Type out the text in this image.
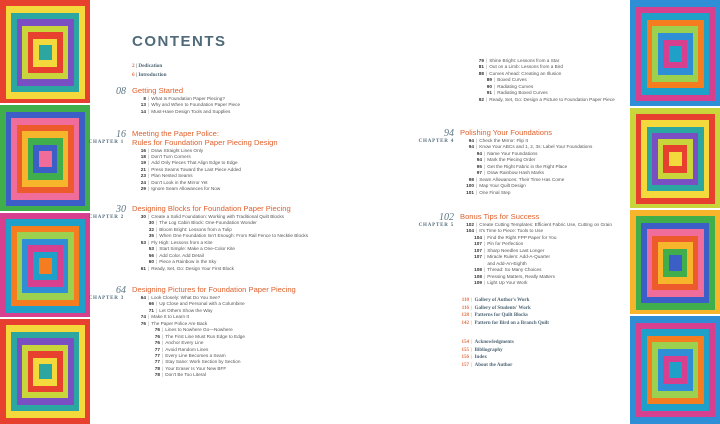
CONTENTS
2 | Dedication
6 | Introduction
08 Getting Started
8 | What Is Foundation Paper Piecing?
13 | Why and When to Foundation Paper Piece
14 | Must-Have Design Tools and Supplies
16
CHAPTER 1
Meeting the Paper Police:
Rules for Foundation Paper Piecing Design
16 | Draw Straight Lines Only
18 | Don't Turn Corners
19 | Add Only Pieces That Align Edge to Edge
21 | Press Seams Toward the Last Piece Added
23 | Plan Nested Seams
24 | Don't Look in the Mirror Yet
29 | Ignore Seam Allowances for Now
30
CHAPTER 2
Designing Blocks for Foundation Paper Piecing
30 | Create a Solid Foundation: Working with Traditional Quilt Blocks
30 | The Log Cabin Block: One-Foundation Wonder
32 | Bloom Bright: Lessons from a Tulip
35 | When One Foundation Isn't Enough: From Rail Fence to Necktie Blocks
53 | Fly High: Lessons from a Kite
53 | Start Simple: Make a One-Color Kite
56 | Add Color. Add Detail
60 | Piece a Rainbow in the Sky
61 | Ready, Set, Go: Design Your First Block
64
CHAPTER 3
Designing Pictures for Foundation Paper Piecing
64 | Look Closely: What Do You See?
66 | Up Close and Personal with a Columbine
71 | Let Others Show the Way
74 | Make It to Learn It
76 | The Paper Police Are Back
76 | Lines to Nowhere Go—Nowhere
76 | The First Line Must Run Edge to Edge
76 | Anchor Every Line
77 | Avoid Random Lines
77 | Every Line Becomes a Seam
77 | Stay Sane: Work Section by Section
78 | Your Eraser Is Your New BFF
78 | Don't Be Too Literal
79 | Shine Bright: Lessons from a Star
81 | Out on a Limb: Lessons from a Bird
88 | Curves Ahead: Creating an Illusion
89 | Boxed Curves
90 | Radiating Curves
91 | Radiating Boxed Curves
92 | Ready, Set, Go: Design a Picture to Foundation Paper Piece
94
CHAPTER 4
Polishing Your Foundations
94 | Check the Mirror: Flip It
94 | Know Your ABCs and 1, 2, 3s: Label Your Foundations
94 | Name Your Foundations
94 | Mark the Piecing Order
95 | Get the Right Fabric in the Right Place
97 | Draw Rainbow Hash Marks
98 | Seam Allowances: Their Time Has Come
100 | Map Your Quilt Design
101 | One Final Step
102
CHAPTER 5
Bonus Tips for Success
102 | Create Cutting Templates: Efficient Fabric Use, Cutting on Grain
104 | It's Time to Piece: Tools to Use
104 | Find the Right FPP Paper for You
107 | Pin for Perfection
107 | Sharp Needles Last Longer
107 | Miracle Rulers: Add-A-Quarter
and Add-An-Eighth
108 | Thread: So Many Choices
108 | Pressing Matters, Really Matters
109 | Light Up Your Work
110 | Gallery of Author's Work
116 | Gallery of Students' Work
128 | Patterns for Quilt Blocks
142 | Pattern for Bird on a Branch Quilt
154 | Acknowledgments
155 | Bibliography
156 | Index
157 | About the Author
